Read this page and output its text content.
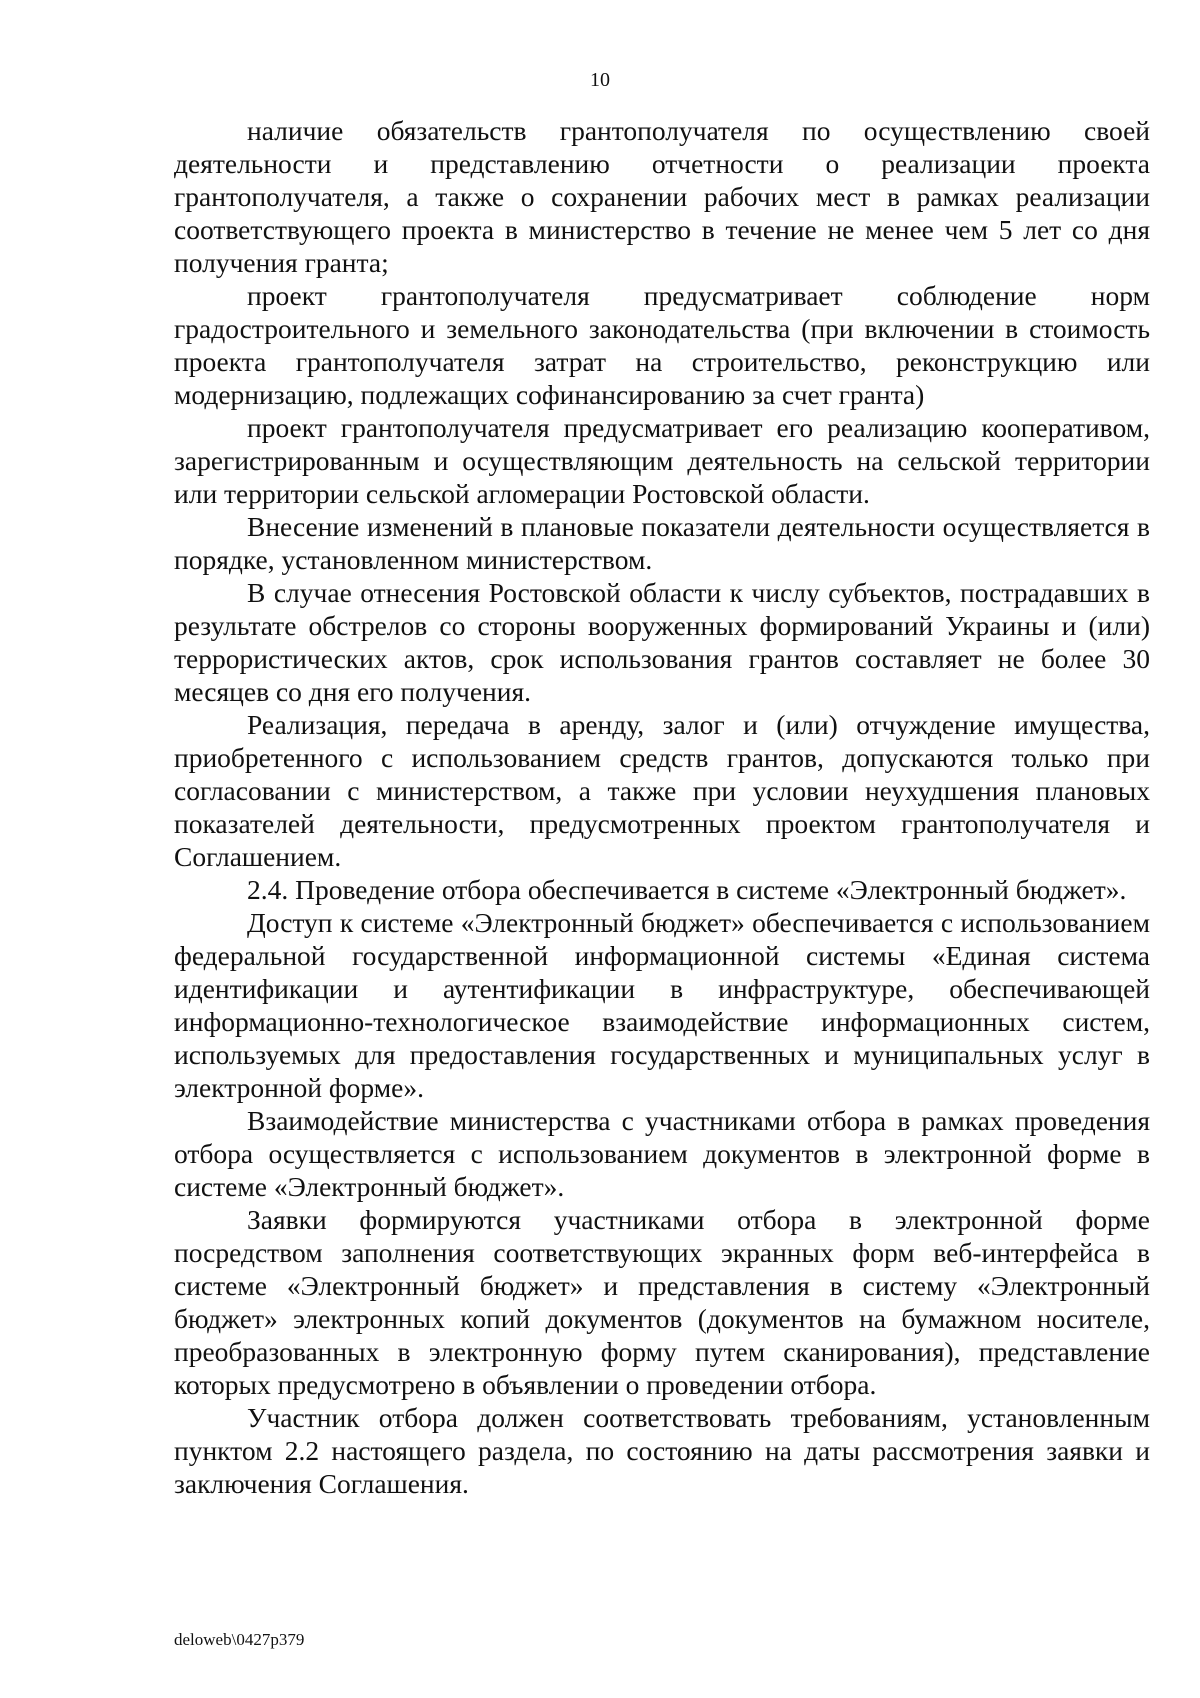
10

наличие обязательств грантополучателя по осуществлению своей деятельности и представлению отчетности о реализации проекта грантополучателя, а также о сохранении рабочих мест в рамках реализации соответствующего проекта в министерство в течение не менее чем 5 лет со дня получения гранта;

проект грантополучателя предусматривает соблюдение норм градостроительного и земельного законодательства (при включении в стоимость проекта грантополучателя затрат на строительство, реконструкцию или модернизацию, подлежащих софинансированию за счет гранта)

проект грантополучателя предусматривает его реализацию кооперативом, зарегистрированным и осуществляющим деятельность на сельской территории или территории сельской агломерации Ростовской области.

Внесение изменений в плановые показатели деятельности осуществляется в порядке, установленном министерством.

В случае отнесения Ростовской области к числу субъектов, пострадавших в результате обстрелов со стороны вооруженных формирований Украины и (или) террористических актов, срок использования грантов составляет не более 30 месяцев со дня его получения.

Реализация, передача в аренду, залог и (или) отчуждение имущества, приобретенного с использованием средств грантов, допускаются только при согласовании с министерством, а также при условии неухудшения плановых показателей деятельности, предусмотренных проектом грантополучателя и Соглашением.

2.4. Проведение отбора обеспечивается в системе «Электронный бюджет».

Доступ к системе «Электронный бюджет» обеспечивается с использованием федеральной государственной информационной системы «Единая система идентификации и аутентификации в инфраструктуре, обеспечивающей информационно-технологическое взаимодействие информационных систем, используемых для предоставления государственных и муниципальных услуг в электронной форме».

Взаимодействие министерства с участниками отбора в рамках проведения отбора осуществляется с использованием документов в электронной форме в системе «Электронный бюджет».

Заявки формируются участниками отбора в электронной форме посредством заполнения соответствующих экранных форм веб-интерфейса в системе «Электронный бюджет» и представления в систему «Электронный бюджет» электронных копий документов (документов на бумажном носителе, преобразованных в электронную форму путем сканирования), представление которых предусмотрено в объявлении о проведении отбора.

Участник отбора должен соответствовать требованиям, установленным пунктом 2.2 настоящего раздела, по состоянию на даты рассмотрения заявки и заключения Соглашения.

deloweb\0427p379
